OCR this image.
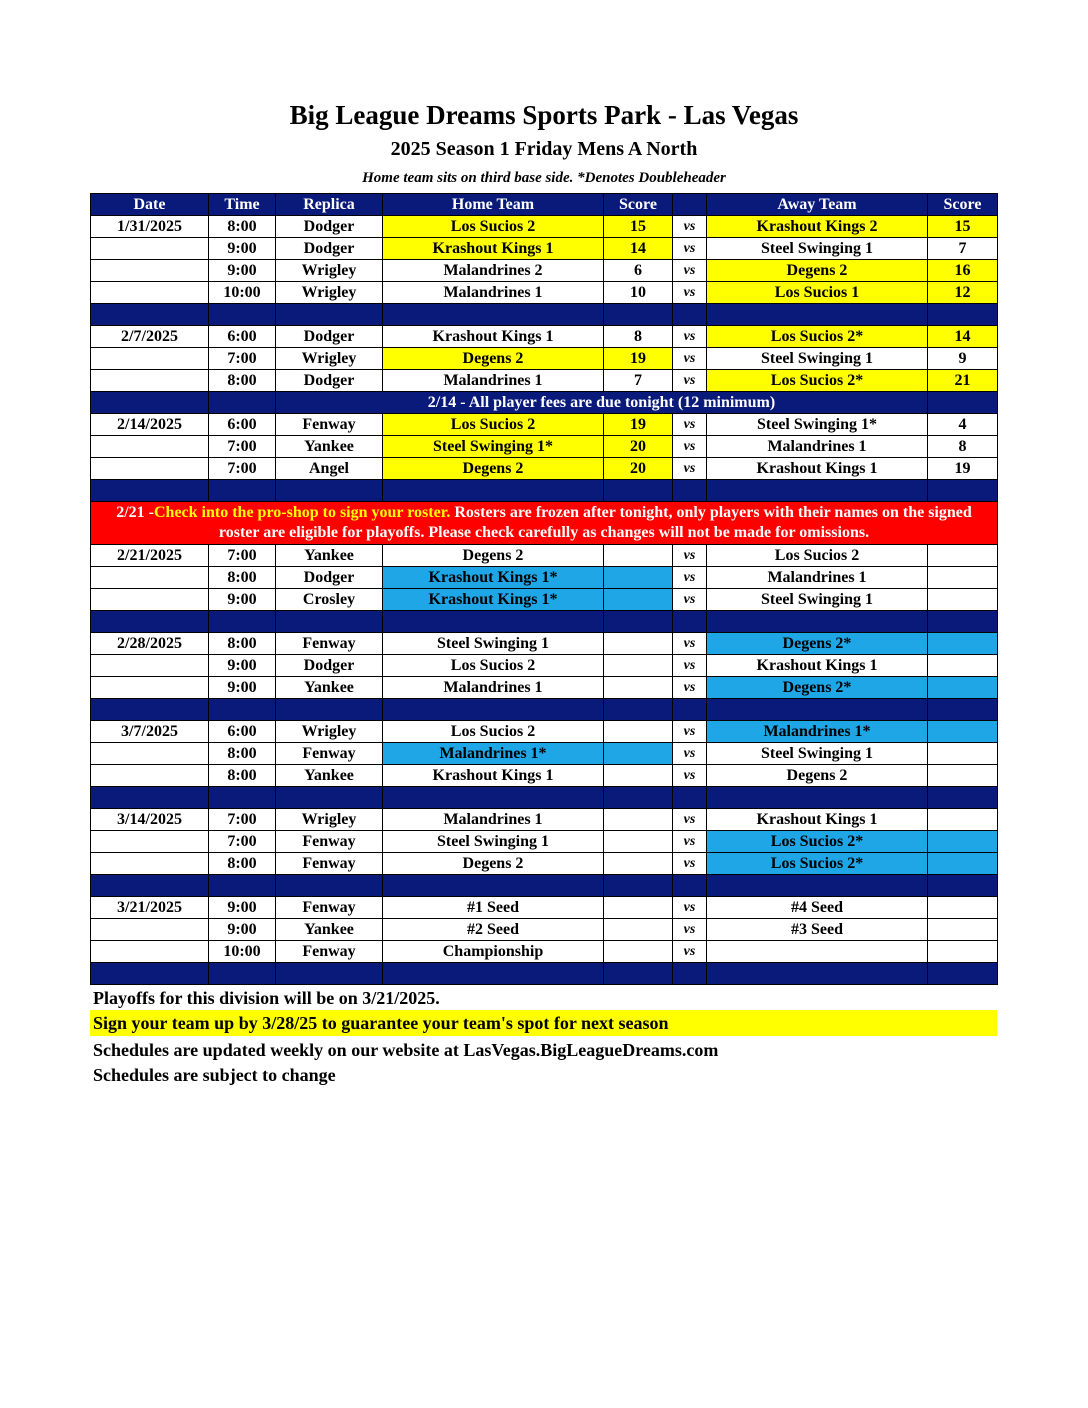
Big League Dreams Sports Park - Las Vegas
2025 Season 1 Friday Mens A North
Home team sits on third base side. *Denotes Doubleheader
Date	Time	Replica	Home Team	Score		Away Team	Score
1/31/2025	8:00	Dodger	Los Sucios 2	15	vs	Krashout Kings 2	15
	9:00	Dodger	Krashout Kings 1	14	vs	Steel Swinging 1	7
	9:00	Wrigley	Malandrines 2	6	vs	Degens 2	16
	10:00	Wrigley	Malandrines 1	10	vs	Los Sucios 1	12

2/7/2025	6:00	Dodger	Krashout Kings 1	8	vs	Los Sucios 2*	14
	7:00	Wrigley	Degens 2	19	vs	Steel Swinging 1	9
	8:00	Dodger	Malandrines 1	7	vs	Los Sucios 2*	21
		2/14 - All player fees are due tonight (12 minimum)					
2/14/2025	6:00	Fenway	Los Sucios 2	19	vs	Steel Swinging 1*	4
	7:00	Yankee	Steel Swinging 1*	20	vs	Malandrines 1	8
	7:00	Angel	Degens 2	20	vs	Krashout Kings 1	19

2/21 -Check into the pro-shop to sign your roster. Rosters are frozen after tonight, only players with their names on the signed roster are eligible for playoffs. Please check carefully as changes will not be made for omissions.							
2/21/2025	7:00	Yankee	Degens 2		vs	Los Sucios 2	
	8:00	Dodger	Krashout Kings 1*		vs	Malandrines 1	
	9:00	Crosley	Krashout Kings 1*		vs	Steel Swinging 1	

2/28/2025	8:00	Fenway	Steel Swinging 1		vs	Degens 2*	
	9:00	Dodger	Los Sucios 2		vs	Krashout Kings 1	
	9:00	Yankee	Malandrines 1		vs	Degens 2*	

3/7/2025	6:00	Wrigley	Los Sucios 2		vs	Malandrines 1*	
	8:00	Fenway	Malandrines 1*		vs	Steel Swinging 1	
	8:00	Yankee	Krashout Kings 1		vs	Degens 2	

3/14/2025	7:00	Wrigley	Malandrines 1		vs	Krashout Kings 1	
	7:00	Fenway	Steel Swinging 1		vs	Los Sucios 2*	
	8:00	Fenway	Degens 2		vs	Los Sucios 2*	

3/21/2025	9:00	Fenway	#1 Seed		vs	#4 Seed	
	9:00	Yankee	#2 Seed		vs	#3 Seed	
	10:00	Fenway	Championship		vs		

Playoffs for this division will be on 3/21/2025.
Sign your team up by 3/28/25 to guarantee your team's spot for next season
Schedules are updated weekly on our website at LasVegas.BigLeagueDreams.com
Schedules are subject to change
